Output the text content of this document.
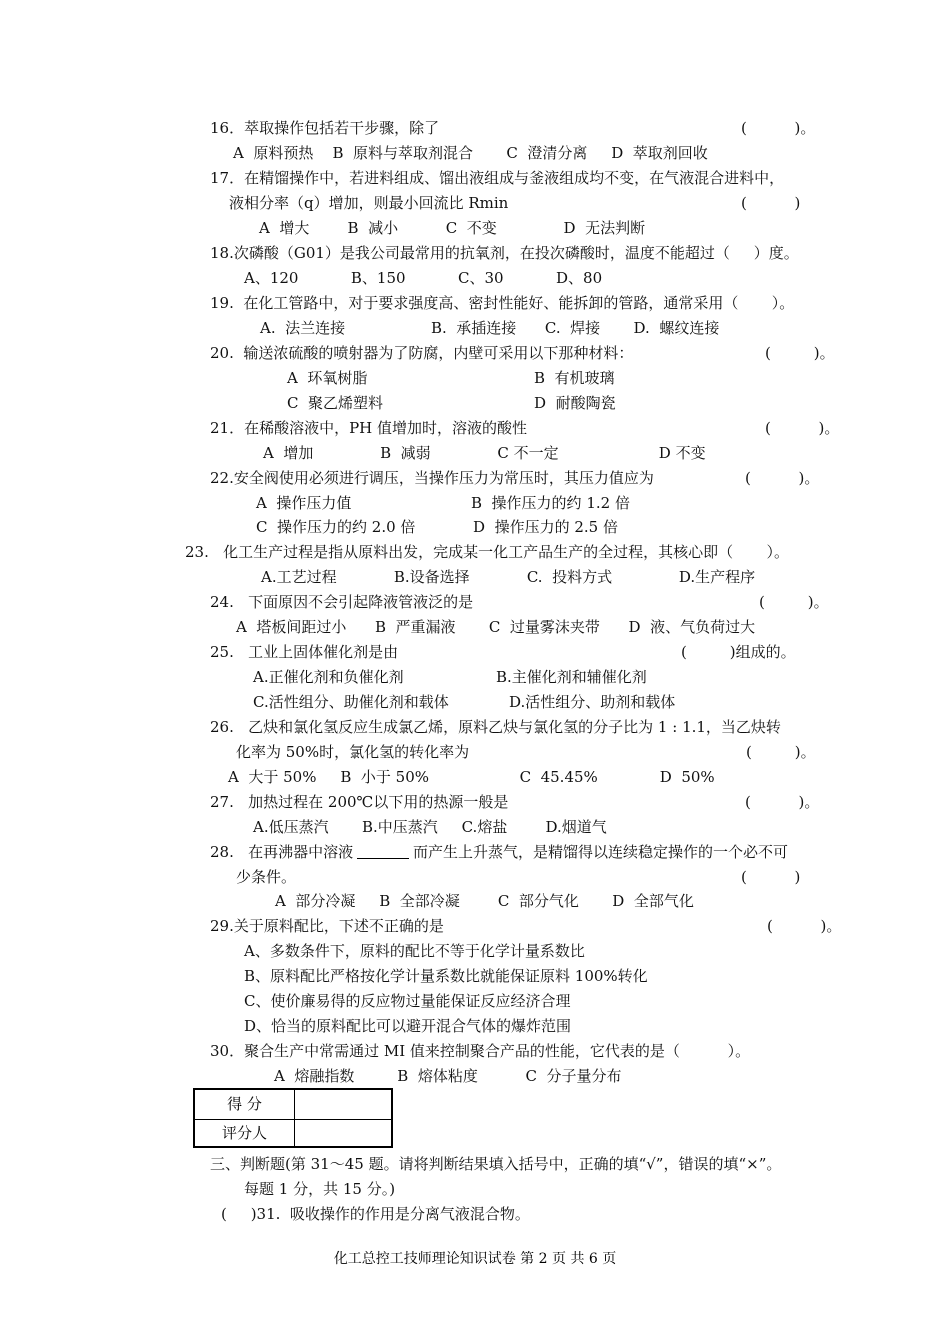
16．萃取操作包括若干步骤，除了	(          )。
A  原料预热    B  原料与萃取剂混合       C  澄清分离     D  萃取剂回收
17．在精馏操作中，若进料组成、馏出液组成与釜液组成均不变，在气液混合进料中，
液相分率（q）增加，则最小回流比 Rmin	(          )
A  增大        B  减小          C  不变              D  无法判断
18.次磷酸（G01）是我公司最常用的抗氧剂，在投次磷酸时，温度不能超过（     ）度。
A、120           B、150           C、30           D、80
19.  在化工管路中，对于要求强度高、密封性能好、能拆卸的管路，通常采用（       ）。
A.  法兰连接                  B.  承插连接      C.  焊接       D.  螺纹连接
20.  输送浓硫酸的喷射器为了防腐，内壁可采用以下那种材料：	(         )。
A  环氧树脂	B  有机玻璃
C  聚乙烯塑料	D  耐酸陶瓷
21．在稀酸溶液中，PH 值增加时，溶液的酸性	(          )。
A  增加              B  减弱              C 不一定                     D 不变
22.安全阀使用必须进行调压，当操作压力为常压时，其压力值应为	(          )。
A  操作压力值	B  操作压力的约 1.2 倍
C  操作压力的约 2.0 倍	D  操作压力的 2.5 倍
23.   化工生产过程是指从原料出发，完成某一化工产品生产的全过程，其核心即（       ）。
A.工艺过程            B.设备选择            C.  投料方式              D.生产程序
24.   下面原因不会引起降液管液泛的是	(         )。
A  塔板间距过小      B  严重漏液       C  过量雾沫夹带      D  液、气负荷过大
25.   工业上固体催化剂是由	(         )组成的。
A.正催化剂和负催化剂	B.主催化剂和辅催化剂
C.活性组分、助催化剂和载体	D.活性组分、助剂和载体
26.   乙炔和氯化氢反应生成氯乙烯，原料乙炔与氯化氢的分子比为 1 : 1.1，当乙炔转
化率为 50%时，氯化氢的转化率为	(         )。
A  大于 50%     B  小于 50%                   C  45.45%             D  50%
27.   加热过程在 200℃以下用的热源一般是	(          )。
A.低压蒸汽       B.中压蒸汽     C.熔盐        D.烟道气
28.   在再沸器中溶液	而产生上升蒸气，是精馏得以连续稳定操作的一个必不可
少条件。	(          )
A  部分冷凝     B  全部冷凝        C  部分气化       D  全部气化
29.关于原料配比，下述不正确的是	(          )。
A、多数条件下，原料的配比不等于化学计量系数比
B、原料配比严格按化学计量系数比就能保证原料 100%转化
C、使价廉易得的反应物过量能保证反应经济合理
D、恰当的原料配比可以避开混合气体的爆炸范围
30．聚合生产中常需通过 MI 值来控制聚合产品的性能，它代表的是（          ）。
A  熔融指数         B  熔体粘度          C  分子量分布
三、判断题(第 31～45 题。请将判断结果填入括号中，正确的填“√”，错误的填“×”。
每题 1 分，共 15 分。)
(     )31.  吸收操作的作用是分离气液混合物。
得 分
评分人
化工总控工技师理论知识试卷 第 2 页 共 6 页
